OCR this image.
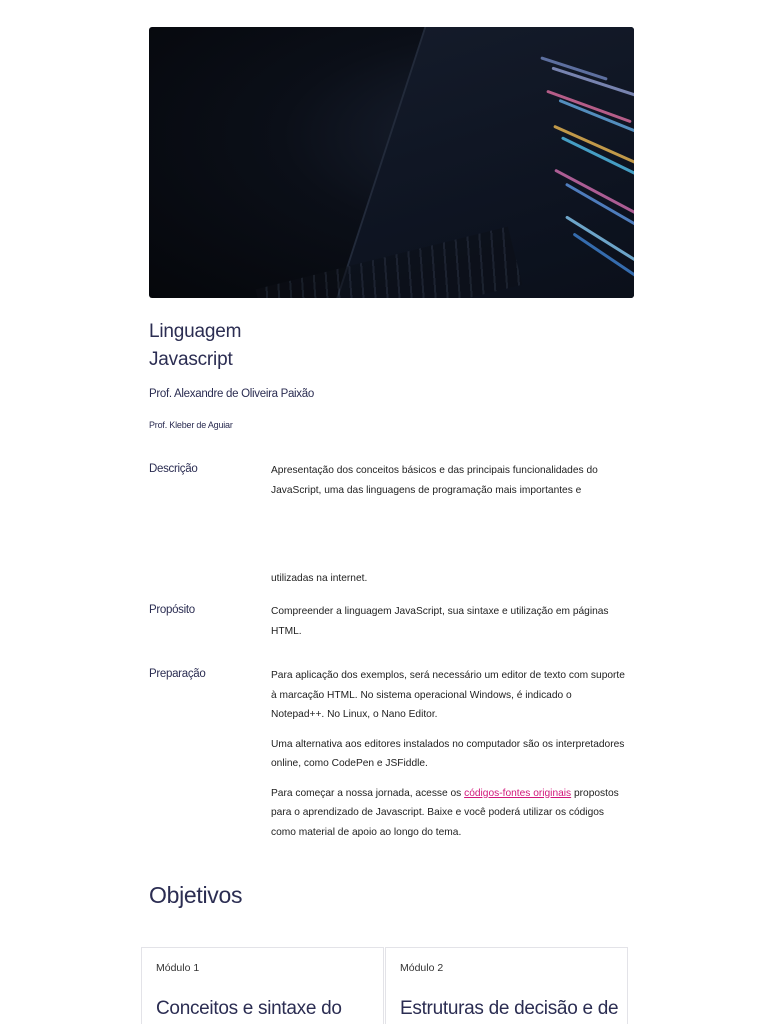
Linguagem
Javascript
Prof. Alexandre de Oliveira Paixão
Prof. Kleber de Aguiar
Descrição	Apresentação dos conceitos básicos e das principais funcionalidades do JavaScript, uma das linguagens de programação mais importantes e

utilizadas na internet.

Propósito	Compreender a linguagem JavaScript, sua sintaxe e utilização em páginas HTML.

Preparação	Para aplicação dos exemplos, será necessário um editor de texto com suporte à marcação HTML. No sistema operacional Windows, é indicado o Notepad++. No Linux, o Nano Editor.

Uma alternativa aos editores instalados no computador são os interpretadores online, como CodePen e JSFiddle.

Para começar a nossa jornada, acesse os códigos-fontes originais propostos para o aprendizado de Javascript. Baixe e você poderá utilizar os códigos como material de apoio ao longo do tema.

Objetivos
Módulo 1
Conceitos e sintaxe do
Módulo 2
Estruturas de decisão e de
